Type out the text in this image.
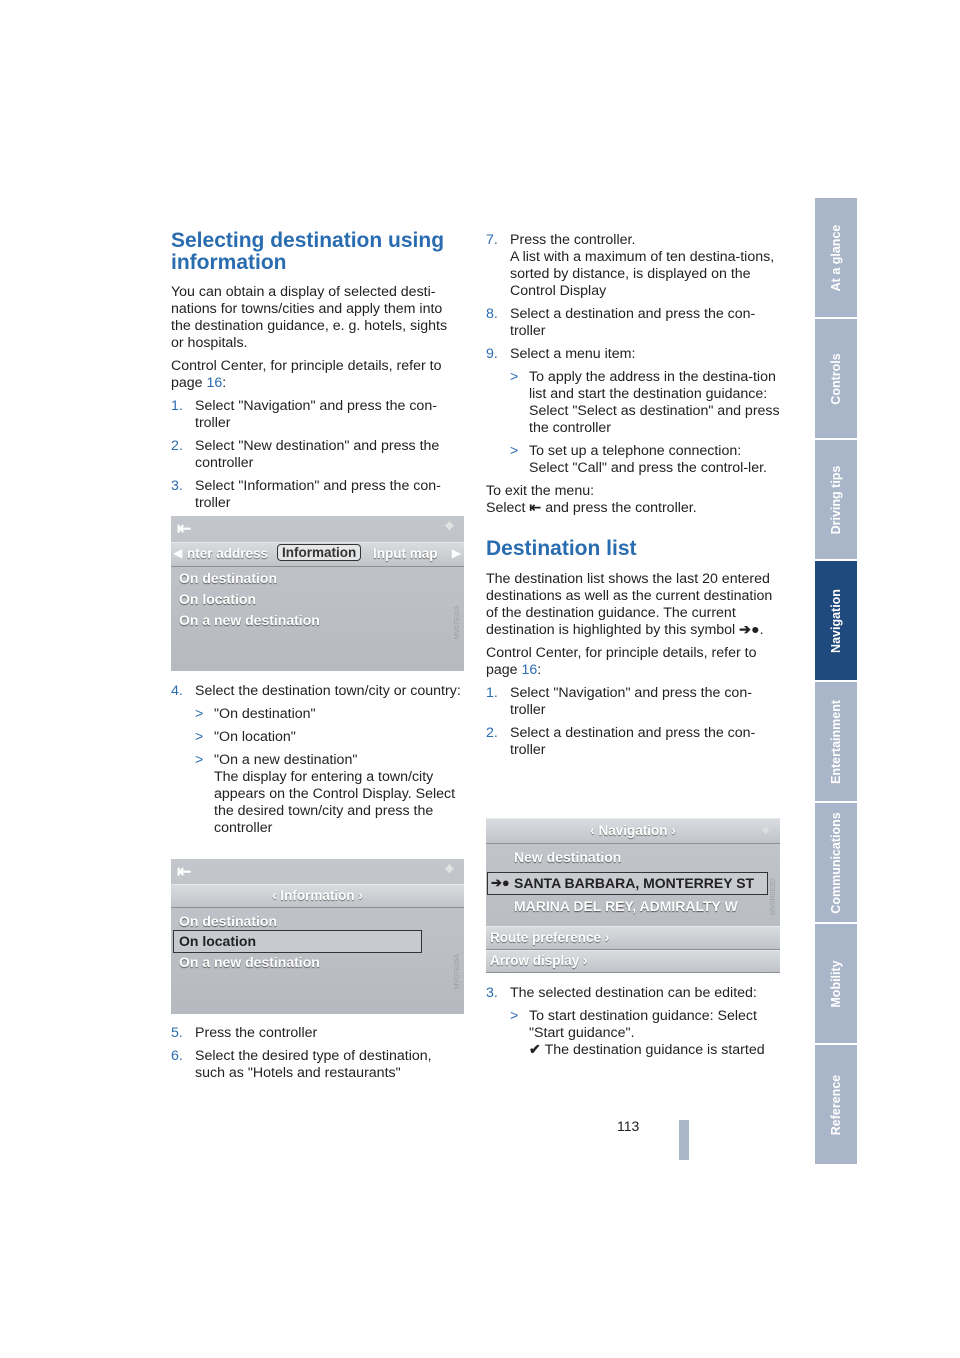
At a glance
Controls
Driving tips
Navigation
Entertainment
Communications
Mobility
Reference
113
Selecting destination using information

You can obtain a display of selected desti-nations for towns/cities and apply them into the destination guidance, e. g. hotels, sights or hospitals.

Control Center, for principle details, refer to page 16:

1. Select "Navigation" and press the con-troller
2. Select "New destination" and press the controller
3. Select "Information" and press the con-troller
⇤	⌖
◀ nter address	Information	Input map ▶
On destination
On location
On a new destination	MV07E3/A
4. Select the destination town/city or country:
> "On destination"
> "On location"
> "On a new destination"
The display for entering a town/city appears on the Control Display. Select the desired town/city and press the controller
⇤	⌖
‹ Information ›
On destination
On location
On a new destination	MV07E06A
5. Press the controller
6. Select the desired type of destination, such as "Hotels and restaurants"
7. Press the controller.
A list with a maximum of ten destina-tions, sorted by distance, is displayed on the Control Display
8. Select a destination and press the con-troller
9. Select a menu item:
> To apply the address in the destina-tion list and start the destination guidance: Select "Select as destination" and press the controller
> To set up a telephone connection: Select "Call" and press the control-ler.

To exit the menu:

Select ⇤ and press the controller.

Destination list

The destination list shows the last 20 entered destinations as well as the current destination of the destination guidance. The current destination is highlighted by this symbol ➔●.

Control Center, for principle details, refer to page 16:

1. Select "Navigation" and press the con-troller
2. Select a destination and press the con-troller
‹ Navigation ›	⌖
New destination
➔● SANTA BARBARA, MONTERREY ST
MARINA DEL REY, ADMIRALTY W
Route preference ›
Arrow display ›
MV0R0E3D
3. The selected destination can be edited:
> To start destination guidance: Select "Start guidance".
✔ The destination guidance is started
